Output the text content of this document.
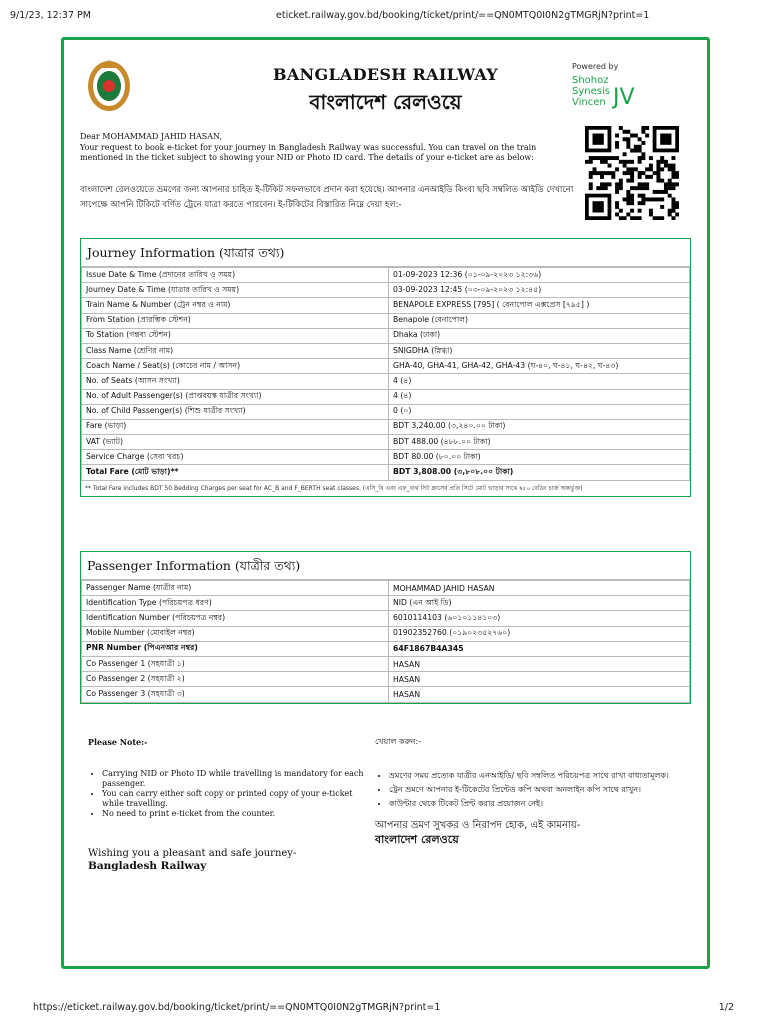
9/1/23, 12:37 PM	eticket.railway.gov.bd/booking/ticket/print/==QN0MTQ0I0N2gTMGRjN?print=1
BANGLADESH RAILWAY
বাংলাদেশ রেলওয়ে
Powered by
Shohoz
Synesis
Vincen JV
Dear MOHAMMAD JAHID HASAN,
Your request to book e-ticket for your journey in Bangladesh Railway was successful. You can travel on the train mentioned in the ticket subject to showing your NID or Photo ID card. The details of your e-ticket are as below:
বাংলাদেশ রেলওয়েতে ভ্রমণের জন্য আপনার চাহিত ই-টিকিট সফলভাবে প্রদান করা হয়েছে। আপনার এনআইডি কিংবা ছবি সম্বলিত আইডি দেখানো সাপেক্ষে আপনি টিকিটে বর্ণিত ট্রেনে যাত্রা করতে পারবেন। ই-টিকিটের বিস্তারিত নিম্নে দেয়া হল:-
Journey Information (যাত্রার তথ্য)
Issue Date & Time (প্রদানের তারিখ ও সময়)	01-09-2023 12:36 (০১-০৯-২০২৩ ১২:৩৬)
Journey Date & Time (যাত্রার তারিখ ও সময়)	03-09-2023 12:45 (০৩-০৯-২০২৩ ১২:৪৫)
Train Name & Number (ট্রেন নম্বর ও নাম)	BENAPOLE EXPRESS [795] ( বেনাপোল এক্সপ্রেস [৭৯৫] )
From Station (প্রারম্ভিক স্টেশন)	Benapole (বেনাপোল)
To Station (গন্তব্য স্টেশন)	Dhaka (ঢাকা)
Class Name (শ্রেণির নাম)	SNIGDHA (স্নিগ্ধা)
Coach Name / Seat(s) (কোচের নাম / আসন)	GHA-40, GHA-41, GHA-42, GHA-43 (ঘ-৪০, ঘ-৪১, ঘ-৪২, ঘ-৪৩)
No. of Seats (আসন সংখ্যা)	4 (৪)
No. of Adult Passenger(s) (প্রাপ্তবয়স্ক যাত্রীর সংখ্যা)	4 (৪)
No. of Child Passenger(s) (শিশু যাত্রীর সংখ্যা)	0 (০)
Fare (ভাড়া)	BDT 3,240.00 (৩,২৪০.০০ টাকা)
VAT (ভ্যাট)	BDT 488.00 (৪৮৮.০০ টাকা)
Service Charge (সেবা খরচ)	BDT 80.00 (৮০.০০ টাকা)
Total Fare (মোট ভাড়া)**	BDT 3,808.00 (৩,৮০৮.০০ টাকা)
** Total Fare includes BDT 50 Bedding Charges per seat for AC_B and F_BERTH seat classes. (এসি_বি এবং এফ_বার্থ সিট ক্লাসের প্রতি সিটে মোট ভাড়ার সাথে ৳৫০ বেডিং চার্জ অন্তর্ভুক্ত)
Passenger Information (যাত্রীর তথ্য)
Passenger Name (যাত্রীর নাম)	MOHAMMAD JAHID HASAN
Identification Type (পরিচয়পত্র ধরণ)	NID (এন আই ডি)
Identification Number (পরিচয়পত্র নম্বর)	6010114103 (৬০১০১১৪১০৩)
Mobile Number (মোবাইল নম্বর)	01902352760 (০১৯০২৩৫২৭৬০)
PNR Number (পিএনআর নম্বর)	64F1867B4A345
Co Passenger 1 (সহযাত্রী ১)	HASAN
Co Passenger 2 (সহযাত্রী ২)	HASAN
Co Passenger 3 (সহযাত্রী ৩)	HASAN
Please Note:-
• Carrying NID or Photo ID while travelling is mandatory for each passenger.
• You can carry either soft copy or printed copy of your e-ticket while travelling.
• No need to print e-ticket from the counter.
Wishing you a pleasant and safe journey-
Bangladesh Railway
খেয়াল করুন:-
• ভ্রমণের সময় প্রত্যেক যাত্রীর এনআইডি/ ছবি সম্বলিত পরিচয়পত্র সাথে রাখা বাধ্যতামূলক।
• ট্রেন ভ্রমণে আপনার ই-টিকেটের প্রিন্টেড কপি অথবা অনলাইন কপি সাথে রাখুন।
• কাউন্টার থেকে টিকেট প্রিন্ট করার প্রয়োজন নেই।
আপনার ভ্রমণ সুখকর ও নিরাপদ হোক, এই কামনায়-
বাংলাদেশ রেলওয়ে
https://eticket.railway.gov.bd/booking/ticket/print/==QN0MTQ0I0N2gTMGRjN?print=1	1/2
